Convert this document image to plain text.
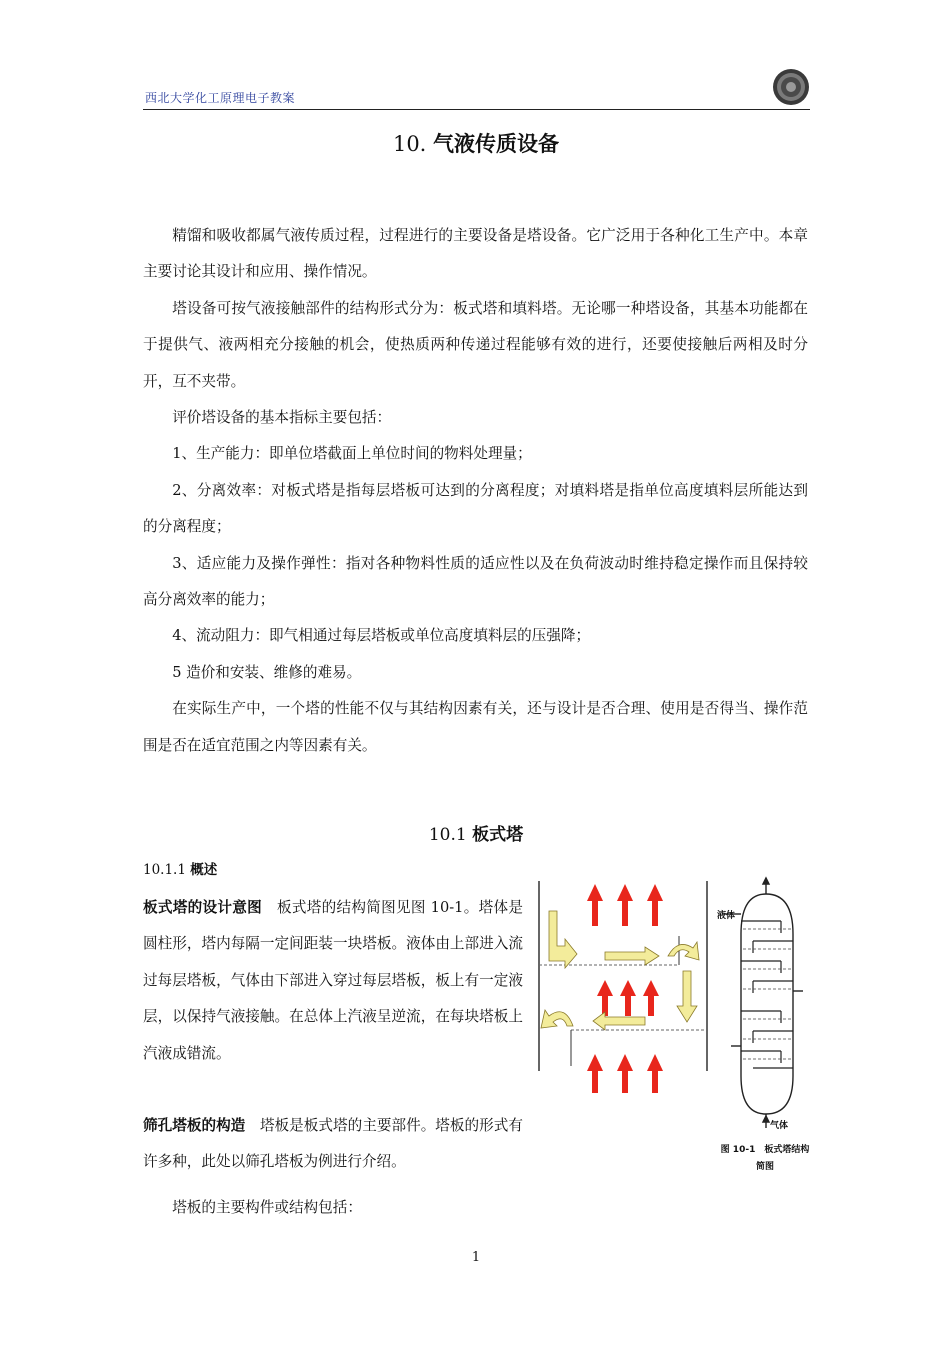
西北大学化工原理电子教案
10. 气液传质设备

精馏和吸收都属气液传质过程，过程进行的主要设备是塔设备。它广泛用于各种化工生产中。本章主要讨论其设计和应用、操作情况。

塔设备可按气液接触部件的结构形式分为：板式塔和填料塔。无论哪一种塔设备，其基本功能都在于提供气、液两相充分接触的机会，使热质两种传递过程能够有效的进行，还要使接触后两相及时分开，互不夹带。

评价塔设备的基本指标主要包括：

1、生产能力：即单位塔截面上单位时间的物料处理量；

2、分离效率：对板式塔是指每层塔板可达到的分离程度；对填料塔是指单位高度填料层所能达到的分离程度；

3、适应能力及操作弹性：指对各种物料性质的适应性以及在负荷波动时维持稳定操作而且保持较高分离效率的能力；

4、流动阻力：即气相通过每层塔板或单位高度填料层的压强降；

5 造价和安装、维修的难易。

在实际生产中，一个塔的性能不仅与其结构因素有关，还与设计是否合理、使用是否得当、操作范围是否在适宜范围之内等因素有关。

10.1 板式塔
10.1.1 概述

板式塔的设计意图　 板式塔的结构简图见图 10-1。塔体是圆柱形，塔内每隔一定间距装一块塔板。液体由上部进入流过每层塔板，气体由下部进入穿过每层塔板，板上有一定液层，以保持气液接触。在总体上汽液呈逆流，在每块塔板上汽液成错流。

筛孔塔板的构造　 塔板是板式塔的主要部件。塔板的形式有许多种，此处以筛孔塔板为例进行介绍。

塔板的主要构件或结构包括：
液体
气体
图 10-1　板式塔结构
简图
1
